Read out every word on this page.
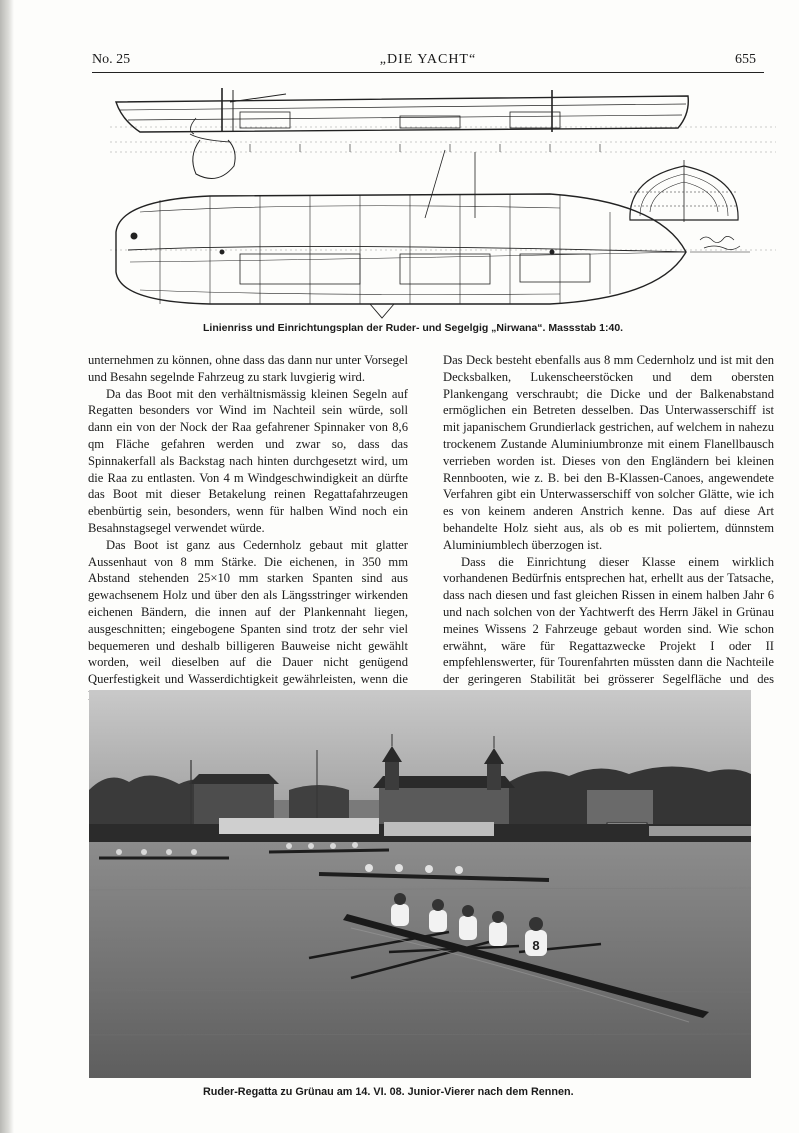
No. 25	„DIE YACHT“	655
Linienriss und Einrichtungsplan der Ruder- und Segelgig „Nirwana“. Massstab 1:40.

unternehmen zu können, ohne dass das dann nur unter Vorsegel und Besahn segelnde Fahrzeug zu stark luvgierig wird.

Da das Boot mit den verhältnismässig kleinen Segeln auf Regatten besonders vor Wind im Nachteil sein würde, soll dann ein von der Nock der Raa gefahrener Spinnaker von 8,6 qm Fläche gefahren werden und zwar so, dass das Spinnakerfall als Backstag nach hinten durchgesetzt wird, um die Raa zu entlasten. Von 4 m Windgeschwindigkeit an dürfte das Boot mit dieser Betakelung reinen Regattafahrzeugen ebenbürtig sein, besonders, wenn für halben Wind noch ein Besahnstagsegel verwendet würde.

Das Boot ist ganz aus Cedernholz gebaut mit glatter Aussenhaut von 8 mm Stärke. Die eichenen, in 350 mm Abstand stehenden 25×10 mm starken Spanten sind aus gewachsenem Holz und über den als Längsstringer wirkenden eichenen Bändern, die innen auf der Plankennaht liegen, ausgeschnitten; eingebogene Spanten sind trotz der sehr viel bequemeren und deshalb billigeren Bauweise nicht gewählt worden, weil dieselben auf die Dauer nicht genügend Querfestigkeit und Wasserdichtigkeit gewährleisten, wenn die

Das Deck besteht ebenfalls aus 8 mm Cedernholz und ist mit den Decksbalken, Lukenscheerstöcken und dem obersten Plankengang verschraubt; die Dicke und der Balkenabstand ermöglichen ein Betreten desselben. Das Unterwasserschiff ist mit japanischem Grundierlack gestrichen, auf welchem in nahezu trockenem Zustande Aluminiumbronze mit einem Flanellbausch verrieben worden ist. Dieses von den Engländern bei kleinen Rennbooten, wie z. B. bei den B-Klassen-Canoes, angewendete Verfahren gibt ein Unterwasserschiff von solcher Glätte, wie ich es von keinem anderen Anstrich kenne. Das auf diese Art behandelte Holz sieht aus, als ob es mit poliertem, dünnstem Aluminiumblech überzogen ist.

Dass die Einrichtung dieser Klasse einem wirklich vorhandenen Bedürfnis entsprechen hat, erhellt aus der Tatsache, dass nach diesen und fast gleichen Rissen in einem halben Jahr 6 und nach solchen von der Yachtwerft des Herrn Jäkel in Grünau meines Wissens 2 Fahrzeuge gebaut worden sind. Wie schon erwähnt, wäre für Regattazwecke Projekt I oder II empfehlenswerter, für Tourenfahrten müssten dann die Nachteile der geringeren Stabilität bei grösserer Segelfläche und des

8
Ruder-Regatta zu Grünau am 14. VI. 08. Junior-Vierer nach dem Rennen.
